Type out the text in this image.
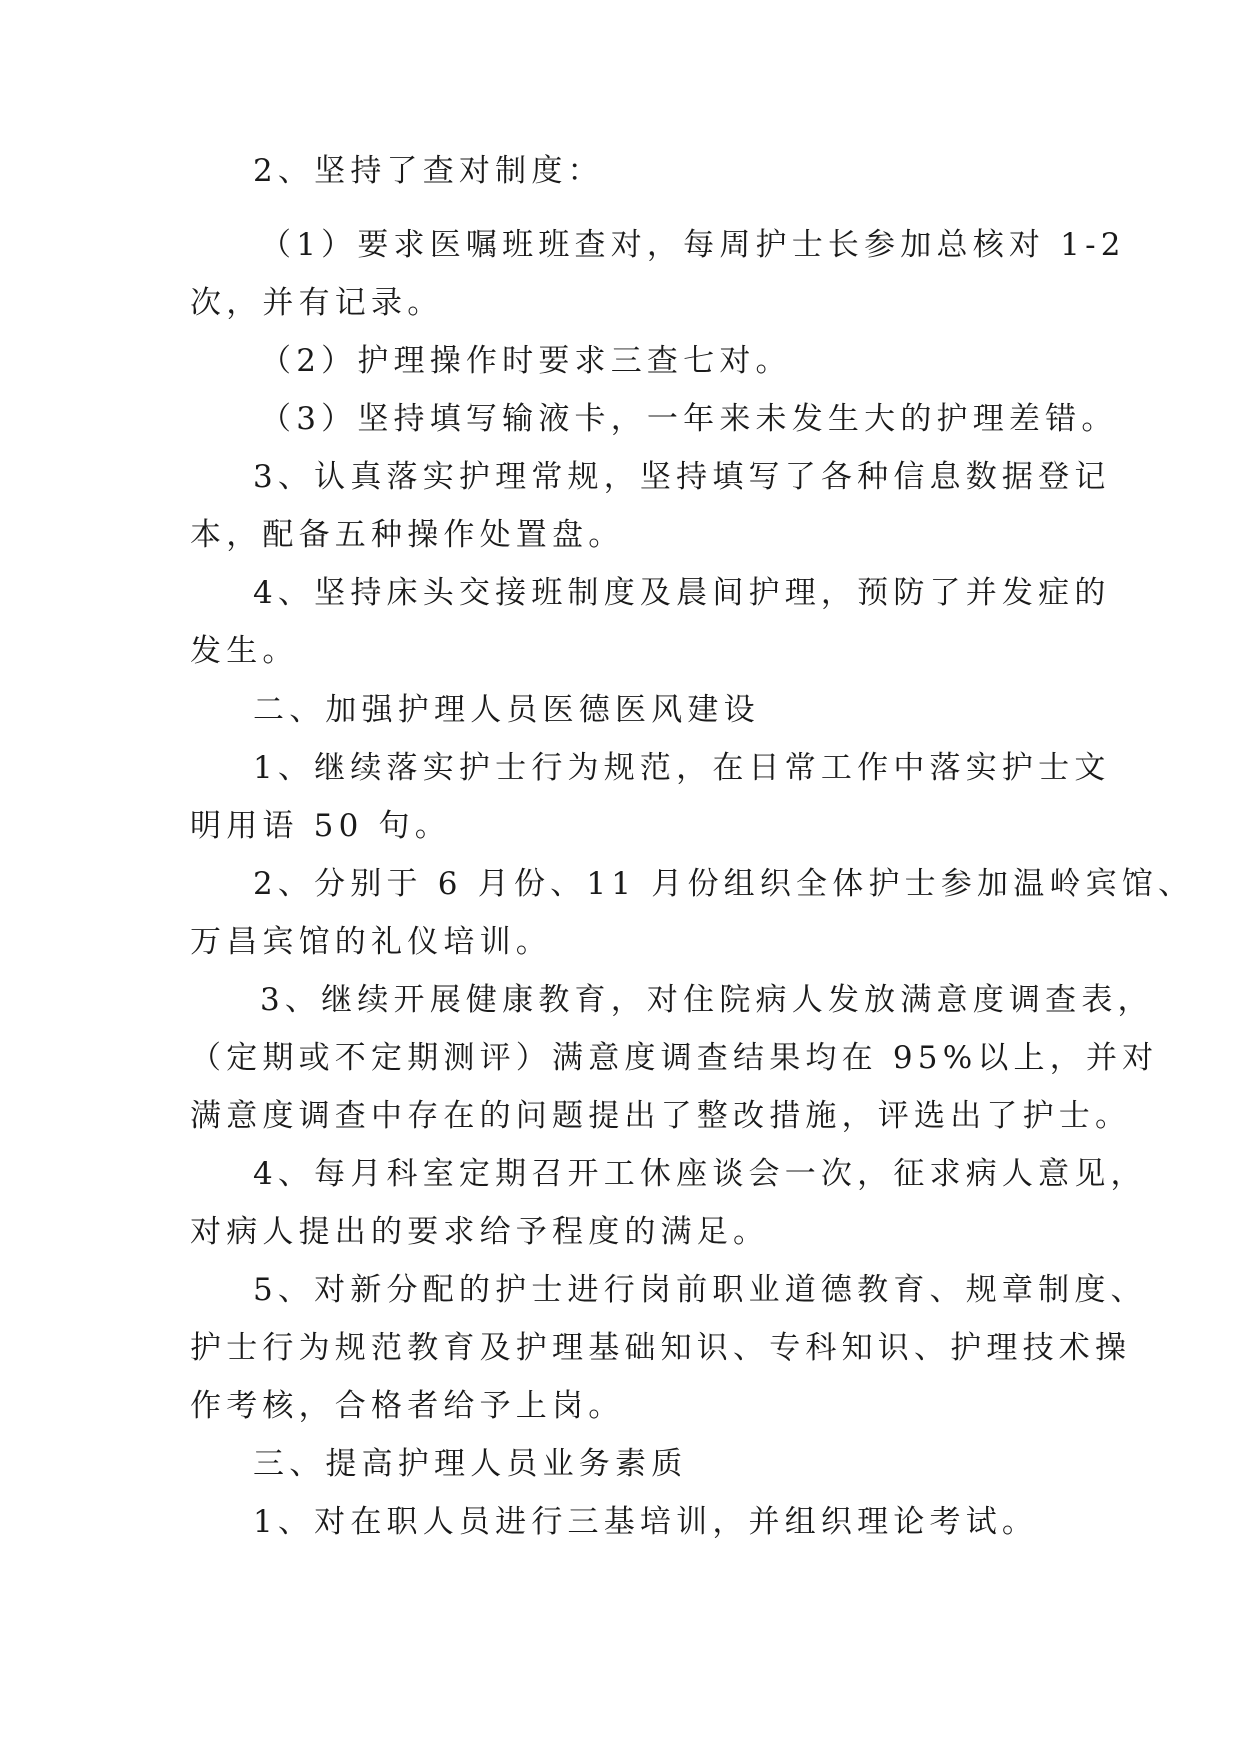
2、坚持了查对制度：
（1）要求医嘱班班查对，每周护士长参加总核对 1-2
次，并有记录。
（2）护理操作时要求三查七对。
（3）坚持填写输液卡，一年来未发生大的护理差错。
3、认真落实护理常规，坚持填写了各种信息数据登记
本，配备五种操作处置盘。
4、坚持床头交接班制度及晨间护理，预防了并发症的
发生。
二、加强护理人员医德医风建设
1、继续落实护士行为规范，在日常工作中落实护士文
明用语 50 句。
2、分别于 6 月份、11 月份组织全体护士参加温岭宾馆、
万昌宾馆的礼仪培训。
3、继续开展健康教育，对住院病人发放满意度调查表，
（定期或不定期测评）满意度调查结果均在 95%以上，并对
满意度调查中存在的问题提出了整改措施，评选出了护士。
4、每月科室定期召开工休座谈会一次，征求病人意见，
对病人提出的要求给予程度的满足。
5、对新分配的护士进行岗前职业道德教育、规章制度、
护士行为规范教育及护理基础知识、专科知识、护理技术操
作考核，合格者给予上岗。
三、提高护理人员业务素质
1、对在职人员进行三基培训，并组织理论考试。
